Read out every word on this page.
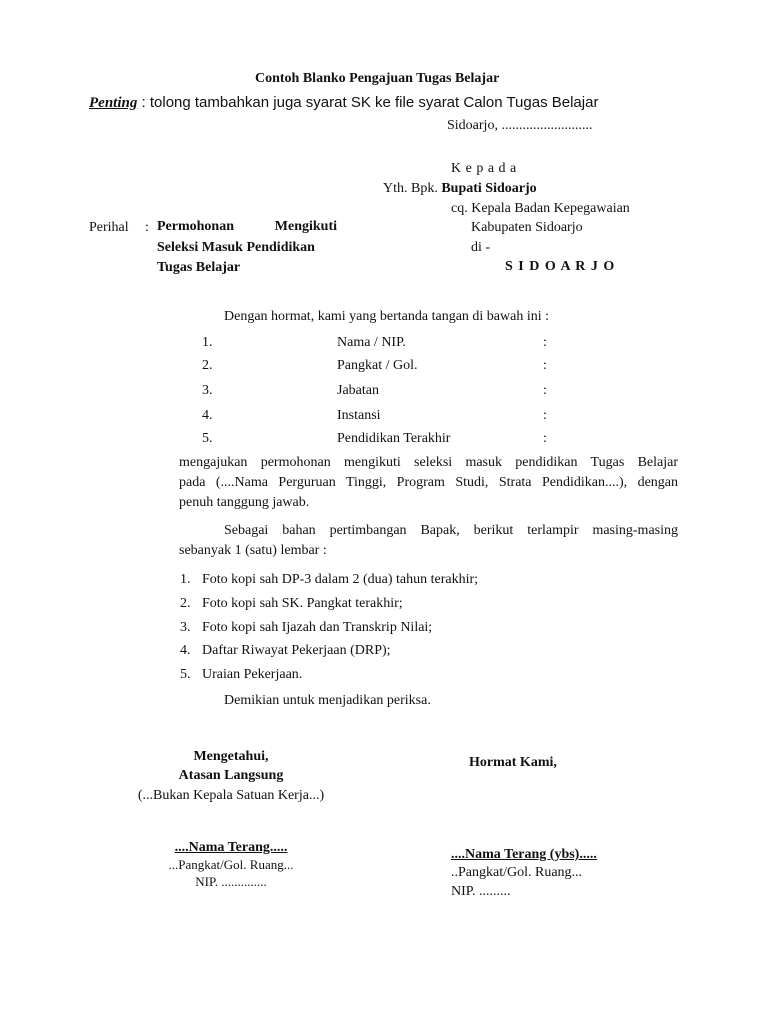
Contoh Blanko Pengajuan Tugas Belajar
Penting : tolong tambahkan juga syarat SK ke file syarat Calon Tugas Belajar
Sidoarjo, ..........................
K e p a d a
Yth. Bpk. Bupati Sidoarjo
cq. Kepala Badan Kepegawaian
Kabupaten Sidoarjo
di -
S I D O A R J O
Perihal : Permohonan	Mengikuti
Seleksi Masuk Pendidikan
Tugas Belajar
Dengan hormat, kami yang bertanda tangan di bawah ini :
1.	Nama / NIP.	:
2.	Pangkat / Gol.	:
3.	Jabatan	:
4.	Instansi	:
5.	Pendidikan Terakhir	:
mengajukan permohonan mengikuti seleksi masuk pendidikan Tugas Belajar
pada (....Nama Perguruan Tinggi, Program Studi, Strata Pendidikan....), dengan
penuh tanggung jawab.
Sebagai bahan pertimbangan Bapak, berikut terlampir masing-masing
sebanyak 1 (satu) lembar :
1. Foto kopi sah DP-3 dalam 2 (dua) tahun terakhir;
2. Foto kopi sah SK. Pangkat terakhir;
3. Foto kopi sah Ijazah dan Transkrip Nilai;
4. Daftar Riwayat Pekerjaan (DRP);
5. Uraian Pekerjaan.
Demikian untuk menjadikan periksa.
Mengetahui,
Atasan Langsung
(...Bukan Kepala Satuan Kerja...)
....Nama Terang.....
...Pangkat/Gol. Ruang...
NIP. ..............
Hormat Kami,
....Nama Terang (ybs).....
..Pangkat/Gol. Ruang...
NIP. .........
